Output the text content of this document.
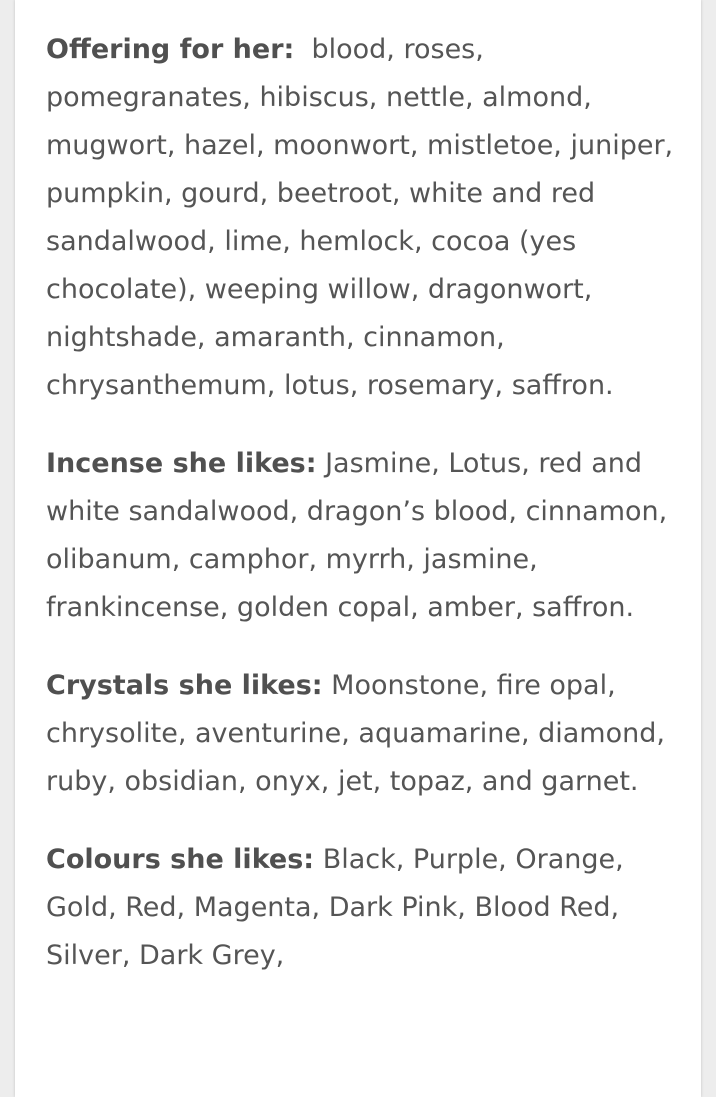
Offering for her:  blood, roses, pomegranates, hibiscus, nettle, almond, mugwort, hazel, moonwort, mistletoe, juniper, pumpkin, gourd, beetroot, white and red sandalwood, lime, hemlock, cocoa (yes chocolate), weeping willow, dragonwort, nightshade, amaranth, cinnamon, chrysanthemum, lotus, rosemary, saffron.

Incense she likes: Jasmine, Lotus, red and white sandalwood, dragon’s blood, cinnamon, olibanum, camphor, myrrh, jasmine, frankincense, golden copal, amber, saffron.

Crystals she likes: Moonstone, fire opal, chrysolite, aventurine, aquamarine, diamond, ruby, obsidian, onyx, jet, topaz, and garnet.

Colours she likes: Black, Purple, Orange, Gold, Red, Magenta, Dark Pink, Blood Red, Silver, Dark Grey,
